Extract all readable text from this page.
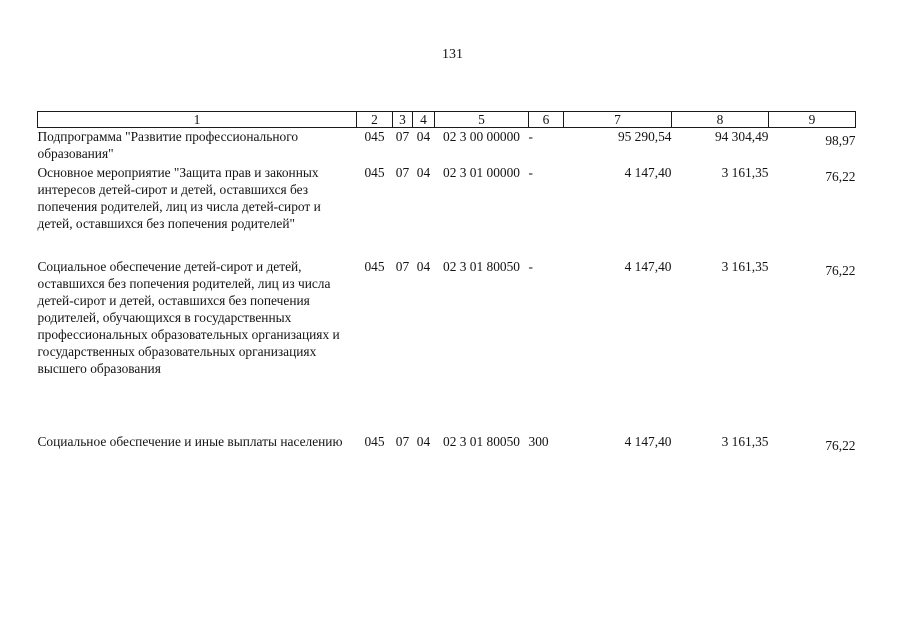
131
1	2	3	4	5	6	7	8	9
Подпрограмма "Развитие профессионального образования"	045	07	04	02 3 00 00000	-	95 290,54	94 304,49	98,97
Основное мероприятие "Защита прав и законных интересов детей-сирот и детей, оставшихся без попечения родителей, лиц из числа детей-сирот и детей, оставшихся без попечения родителей"	045	07	04	02 3 01 00000	-	4 147,40	3 161,35	76,22
Социальное обеспечение детей-сирот и детей, оставшихся без попечения родителей, лиц из числа детей-сирот и детей, оставшихся без попечения родителей, обучающихся в государственных профессиональных образовательных организациях и государственных образовательных организациях высшего образования	045	07	04	02 3 01 80050	-	4 147,40	3 161,35	76,22
Социальное обеспечение и иные выплаты населению	045	07	04	02 3 01 80050	300	4 147,40	3 161,35	76,22
